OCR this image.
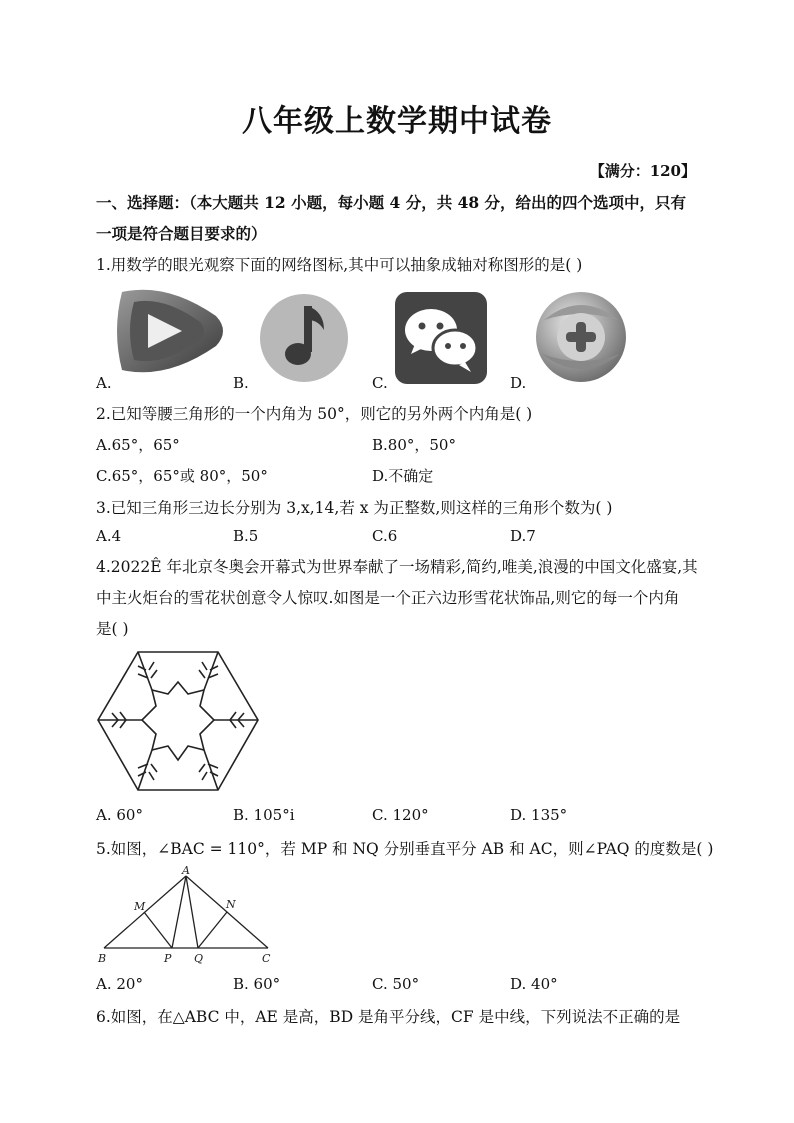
八年级上数学期中试卷
【满分：120】
一、选择题：（本大题共 12 小题，每小题 4 分，共 48 分，给出的四个选项中，只有
一项是符合题目要求的）
1.用数学的眼光观察下面的网络图标,其中可以抽象成轴对称图形的是( )
A.	B.	C.	D.
2.已知等腰三角形的一个内角为 50°，则它的另外两个内角是( )
A.65°，65°	B.80°，50°
C.65°，65°或 80°，50°	D.不确定
3.已知三角形三边长分别为 3,x,14,若 x 为正整数,则这样的三角形个数为( )
A.4	B.5	C.6	D.7
4.2022Ê 年北京冬奥会开幕式为世界奉献了一场精彩,简约,唯美,浪漫的中国文化盛宴,其
中主火炬台的雪花状创意令人惊叹.如图是一个正六边形雪花状饰品,则它的每一个内角
是( )
A. 60°	B. 105°i	C. 120°	D. 135°
5.如图，∠BAC = 110°，若 MP 和 NQ 分别垂直平分 AB 和 AC，则∠PAQ 的度数是( )
A
M	N
B	P Q	C
A. 20°	B. 60°	C. 50°	D. 40°
6.如图，在△ABC 中，AE 是高，BD 是角平分线，CF 是中线，下列说法不正确的是
